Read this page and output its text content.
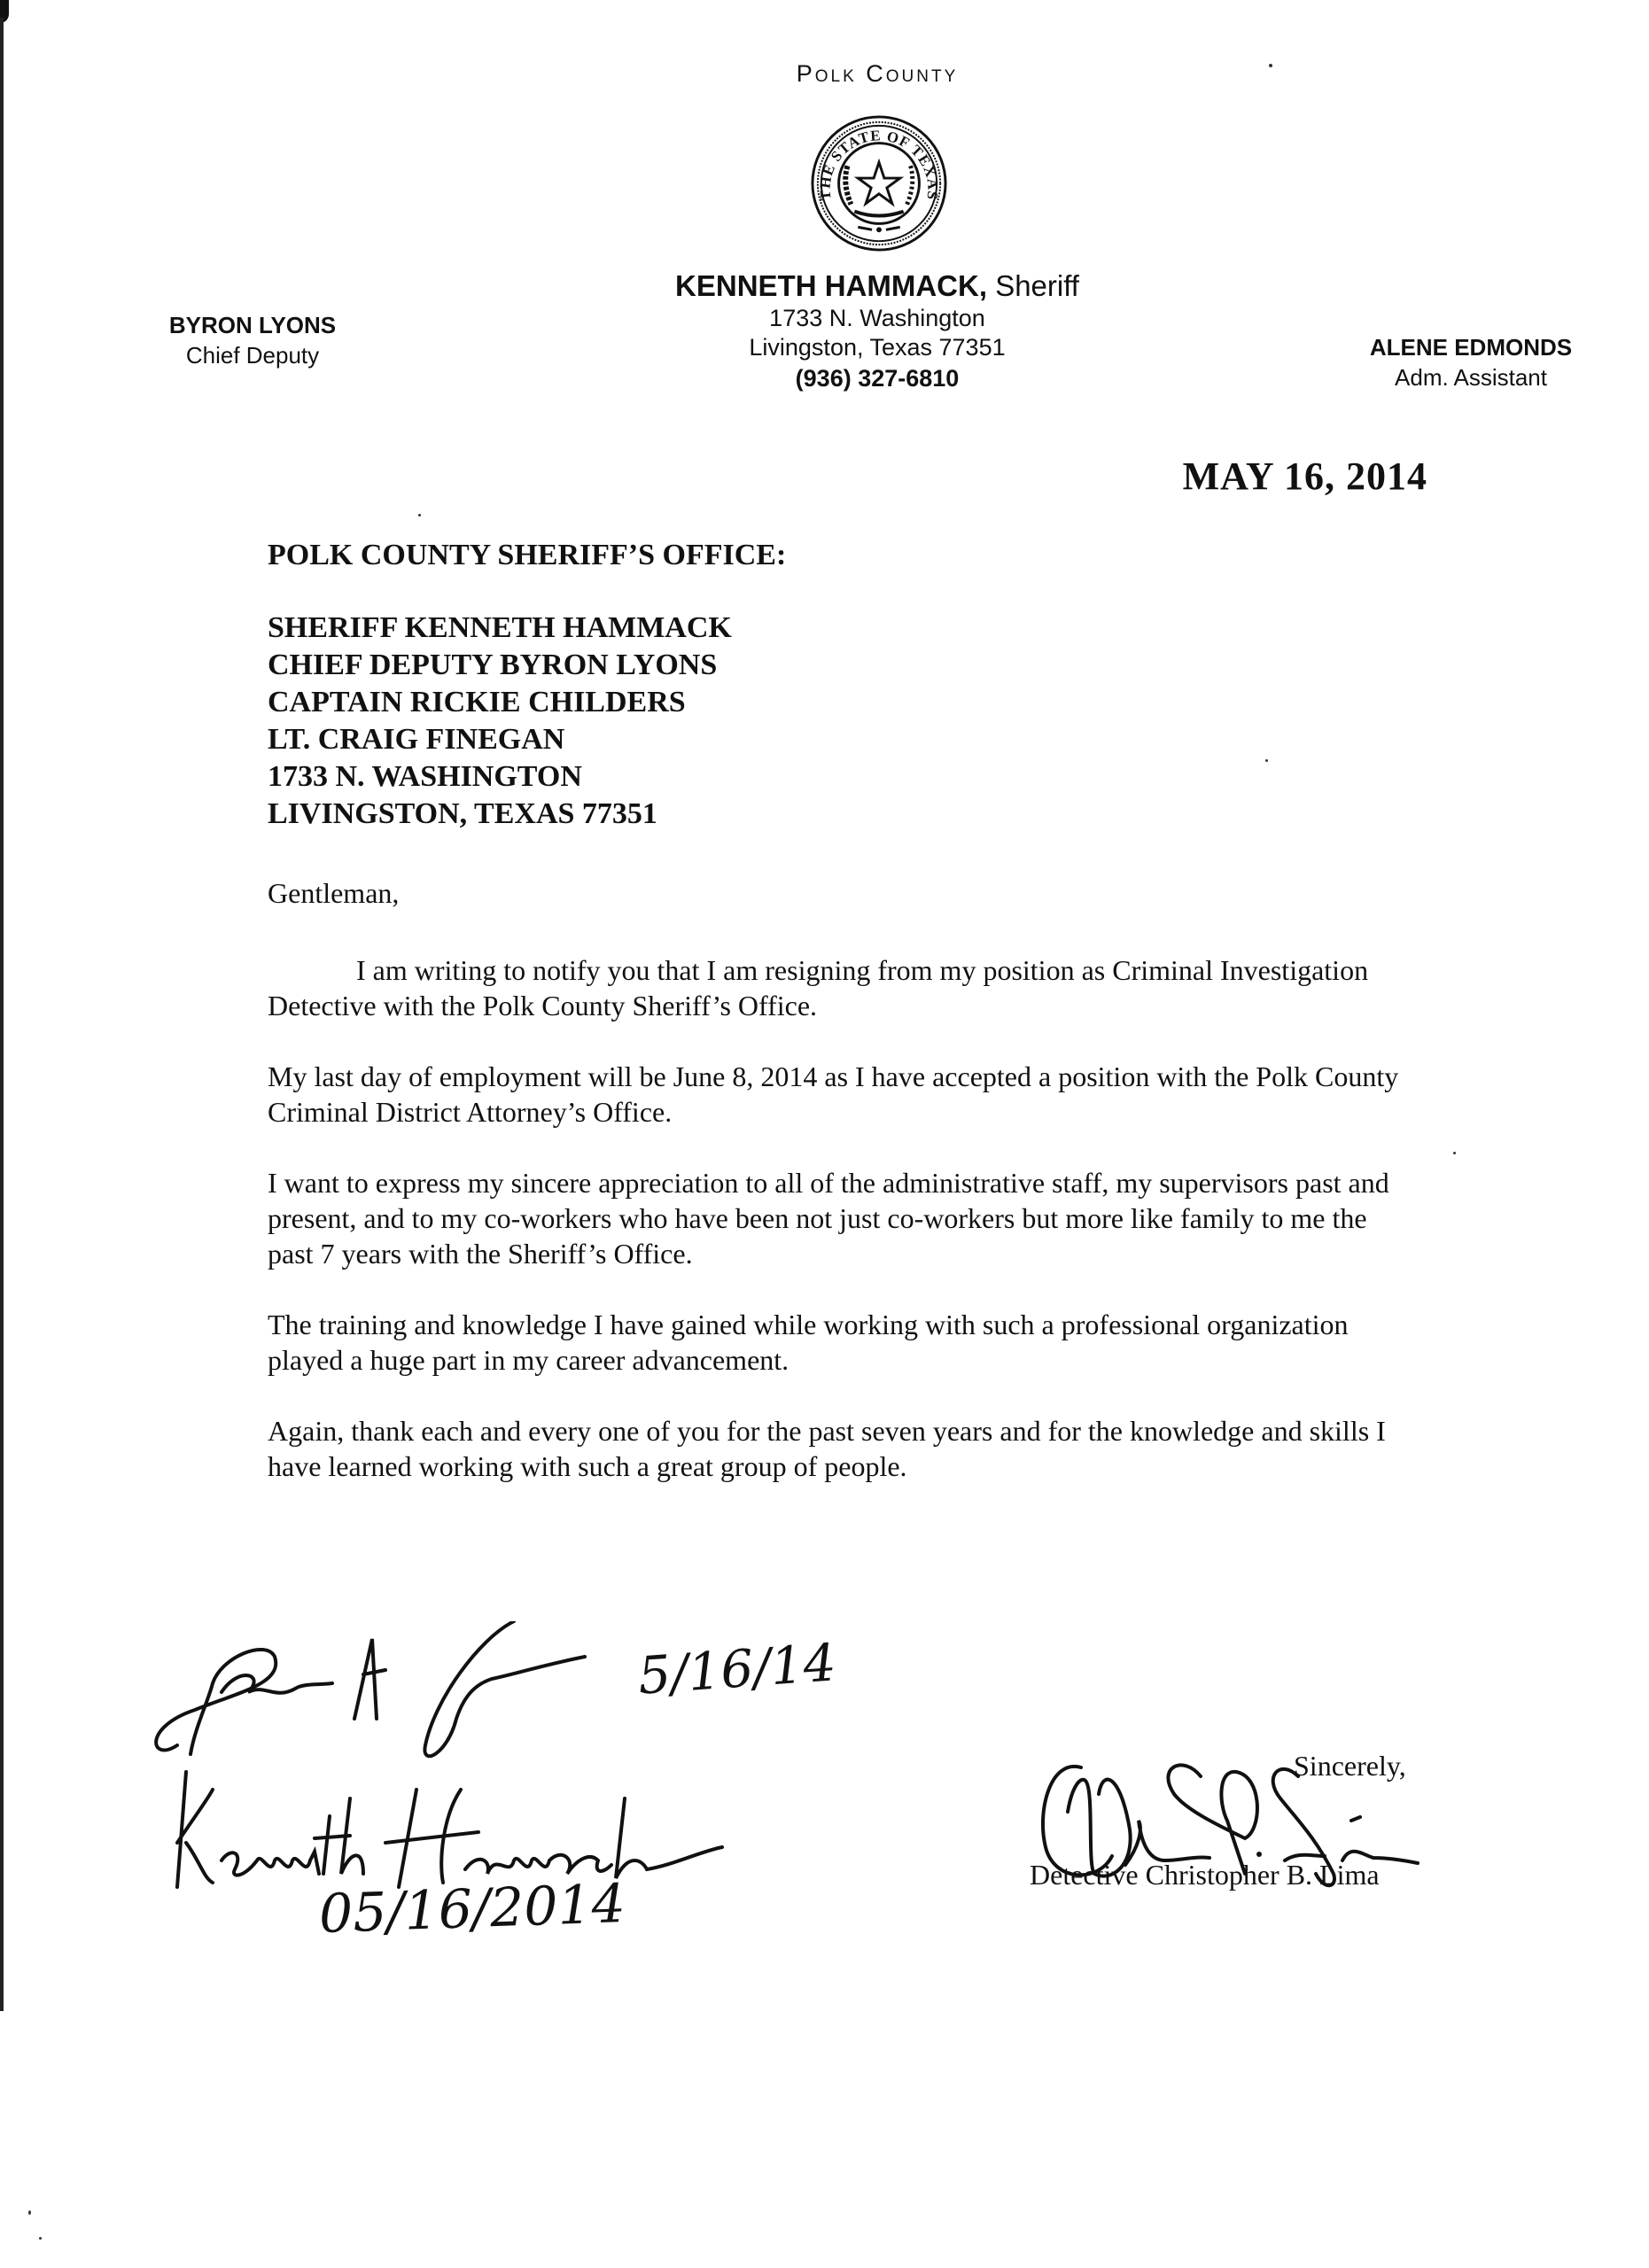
Polk County
THE STATE OF TEXAS
KENNETH HAMMACK, Sheriff
1733 N. Washington
Livingston, Texas 77351
(936) 327-6810
BYRON LYONS
Chief Deputy	ALENE EDMONDS
Adm. Assistant
MAY 16, 2014
POLK COUNTY SHERIFF’S OFFICE:
SHERIFF KENNETH HAMMACK
CHIEF DEPUTY BYRON LYONS
CAPTAIN RICKIE CHILDERS
LT. CRAIG FINEGAN
1733 N. WASHINGTON
LIVINGSTON, TEXAS 77351
Gentleman,

I am writing to notify you that I am resigning from my position as Criminal Investigation Detective with the Polk County Sheriff’s Office.

My last day of employment will be June 8, 2014 as I have accepted a position with the Polk County Criminal District Attorney’s Office.

I want to express my sincere appreciation to all of the administrative staff, my supervisors past and present, and to my co-workers who have been not just co-workers but more like family to me the past 7 years with the Sheriff’s Office.

The training and knowledge I have gained while working with such a professional organization played a huge part in my career advancement.

Again, thank each and every one of you for the past seven years and for the knowledge and skills I have learned working with such a great group of people.

5/16/14
05/16/2014
Sincerely,
Detective Christopher B. Lima
